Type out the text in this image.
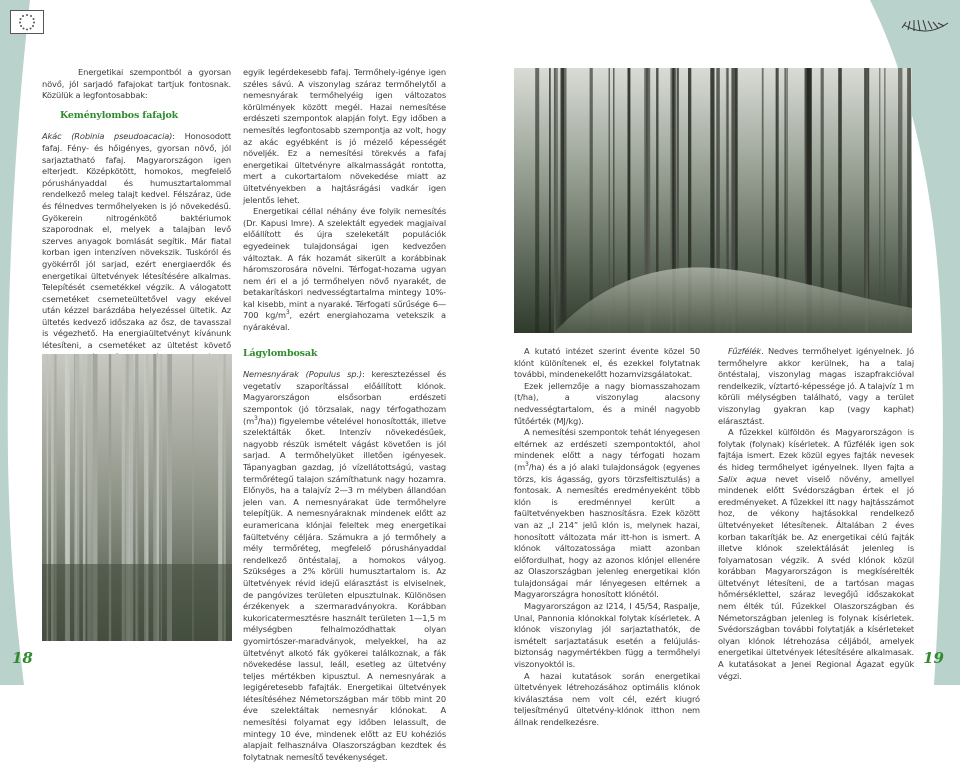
Energetikai szempontból a gyorsan növő, jól sarjadó fafajokat tartjuk fontosnak. Közülük a legfontosabbak:

Keménylombos fafajok

Akác (Robinia pseudoacacia): Honosodott fafaj. Fény- és hőigényes, gyorsan növő, jól sarjaztatható fafaj. Magyarországon igen elterjedt. Középkötött, homokos, megfelelő pórushányaddal és humusztartalommal rendelkező meleg talajt kedvel. Félszáraz, üde és félnedves termőhelyeken is jó növekedésű. Gyökerein nitrogénkötő baktériumok szaporodnak el, melyek a talajban levő szerves anyagok bomlását segítik. Már fiatal korban igen intenzíven növekszik. Tuskóról és gyökérről jól sarjad, ezért energiaerdők és energetikai ültetvények létesítésére alkalmas. Telepítését csemetékkel végzik. A válogatott csemetéket csemeteültetővel vagy ekével után kézzel barázdába helyezéssel ültetik. Az ültetés kedvező időszaka az ősz, de tavasszal is végezhető. Ha energiaültetvényt kívánunk létesíteni, a csemetéket az ültetést követő

egyik legérdekesebb fafaj. Termőhely-igénye igen széles sávú. A viszonylag száraz termőhelytől a nemesnyárak termőhelyéig igen változatos körülmények között megél. Hazai nemesítése erdészeti szempontok alapján folyt. Egy időben a nemesítés legfontosabb szempontja az volt, hogy az akác egyébként is jó mézelő képességét növeljék. Ez a nemesítési törekvés a fafaj energetikai ültetvényre alkalmasságát rontotta, mert a cukortartalom növekedése miatt az ültetvényekben a hajtásrágási vadkár igen jelentős lehet.

Energetikai céllal néhány éve folyik nemesítés (Dr. Kapusi Imre). A szelektált egyedek magjaival előállított és újra szeleketált populációk egyedeinek tulajdonságai igen kedvezően változtak. A fák hozamát sikerült a korábbinak háromszorosára növelni. Térfogat-hozama ugyan nem éri el a jó termőhelyen növő nyarakét, de betakarításkori nedvességtartalma mintegy 10%-kal kisebb, mint a nyaraké. Térfogati sűrűsége 6—700 $kg/m^3$, ezért energiahozama vetekszik a nyárakéval.

Lágylombosak

Nemesnyárak (Populus sp.): keresztezéssel és vegetatív szaporítással előállított klónok. Magyarországon elsősorban erdészeti szempontok (jó törzsalak, nagy térfogathozam $(m^3/ha)$) figyelembe vételével honosították, illetve szelektálták őket. Intenzív növekedésűek, nagyobb részük ismételt vágást követően is jól sarjad. A termőhelyüket illetően igényesek. Tápanyagban gazdag, jó vízellátottságú, vastag termőrétegű talajon számíthatunk nagy hozamra. Előnyös, ha a talajvíz 2—3 m mélyben állandóan jelen van. A nemesnyárakat üde termőhelyre telepítjük. A nemesnyáraknak mindenek előtt az euramericana klónjai feleltek meg energetikai faültetvény céljára. Számukra a jó termőhely a mély termőréteg, megfelelő pórushányaddal rendelkező öntéstalaj, a homokos vályog. Szükséges a 2% körüli humusztartalom is. Az ültetvények révid idejű elárasztást is elviselnek, de pangóvizes területen elpusztulnak. Különösen érzékenyek a szermaradványokra. Korábban kukoricatermesztésre használt területen 1—1,5 m mélységben felhalmozódhattak olyan gyomirtószer-maradványok, melyekkel, ha az ültetvényt alkotó fák gyökerei találkoznak, a fák növekedése lassul, leáll, esetleg az ültetvény teljes mértékben kipusztul. A nemesnyárak a legigéretesebb fafajták. Energetikai ültetvények létesítéséhez Németországban már több mint 20 éve szelektáltak nemesnyár klónokat. A nemesítési folyamat egy időben lelassult, de mintegy 10 éve, mindenek előtt az EU kohéziós alapjait felhasználva Olaszországban kezdtek és folytatnak nemesítő tevékenységet.

18

A kutató intézet szerint évente közel 50 klónt különítenek el, és ezekkel folytatnak további, mindenekelőtt hozamvizsgálatokat.

Ezek jellemzője a nagy biomasszahozam (t/ha), a viszonylag alacsony nedvességtartalom, és a minél nagyobb fűtőérték (MJ/kg).

A nemesítési szempontok tehát lényegesen eltérnek az erdészeti szempontoktól, ahol mindenek előtt a nagy térfogati hozam $(m^3/ha)$ és a jó alaki tulajdonságok (egyenes törzs, kis ágasság, gyors törzsfeltisztulás) a fontosak. A nemesítés eredményeként több klón is eredménnyel került a faültetvényekben hasznosításra. Ezek között van az „I 214” jelű klón is, melynek hazai, honosított változata már itt-hon is ismert. A klónok változatossága miatt azonban előfordulhat, hogy az azonos klónjel ellenére az Olaszországban jelenleg energetikai klón tulajdonságai már lényegesen eltérnek a Magyarországra honosított klónétól.

Magyarországon az I214, I 45/54, Raspalje, Unal, Pannonia klónokkal folytak kísérletek. A klónok viszonylag jól sarjaztathatók, de ismételt sarjaztatásuk esetén a felújulás-biztonság nagymértékben függ a termőhelyi viszonyoktól is.

A hazai kutatások során energetikai ültetvények létrehozásához optimális klónok kiválasztása nem volt cél, ezért kiugró teljesítményű ültetvény-klónok itthon nem állnak rendelkezésre.

Fűzfélék. Nedves termőhelyet igényelnek. Jó termőhelyre akkor kerülnek, ha a talaj öntéstalaj, viszonylag magas iszapfrakcióval rendelkezik, víztartó-képessége jó. A talajvíz 1 m körüli mélységben található, vagy a terület viszonylag gyakran kap (vagy kaphat) elárasztást.

A fűzekkel külföldön és Magyarországon is folytak (folynak) kísérletek. A fűzfélék igen sok fajtája ismert. Ezek közül egyes fajták nevesek és hideg termőhelyet igényelnek. Ilyen fajta a Salix aqua nevet viselő növény, amellyel mindenek előtt Svédországban értek el jó eredményeket. A fűzekkel itt nagy hajtásszámot hoz, de vékony hajtásokkal rendelkező ültetvényeket létesítenek. Általában 2 éves korban takarítják be. Az energetikai célú fajták illetve klónok szelektálását jelenleg is folyamatosan végzik. A svéd klónok közül korábban Magyarországon is megkísérelték ültetvényt létesíteni, de a tartósan magas hőmérséklettel, száraz levegőjű időszakokat nem élték túl. Fűzekkel Olaszországban és Németországban jelenleg is folynak kísérletek. Svédországban további folytatják a kísérleteket olyan klónok létrehozása céljából, amelyek energetikai ültetvények létesítésére alkalmasak. A kutatásokat a Jenei Regional Ágazat együk végzi.

19
